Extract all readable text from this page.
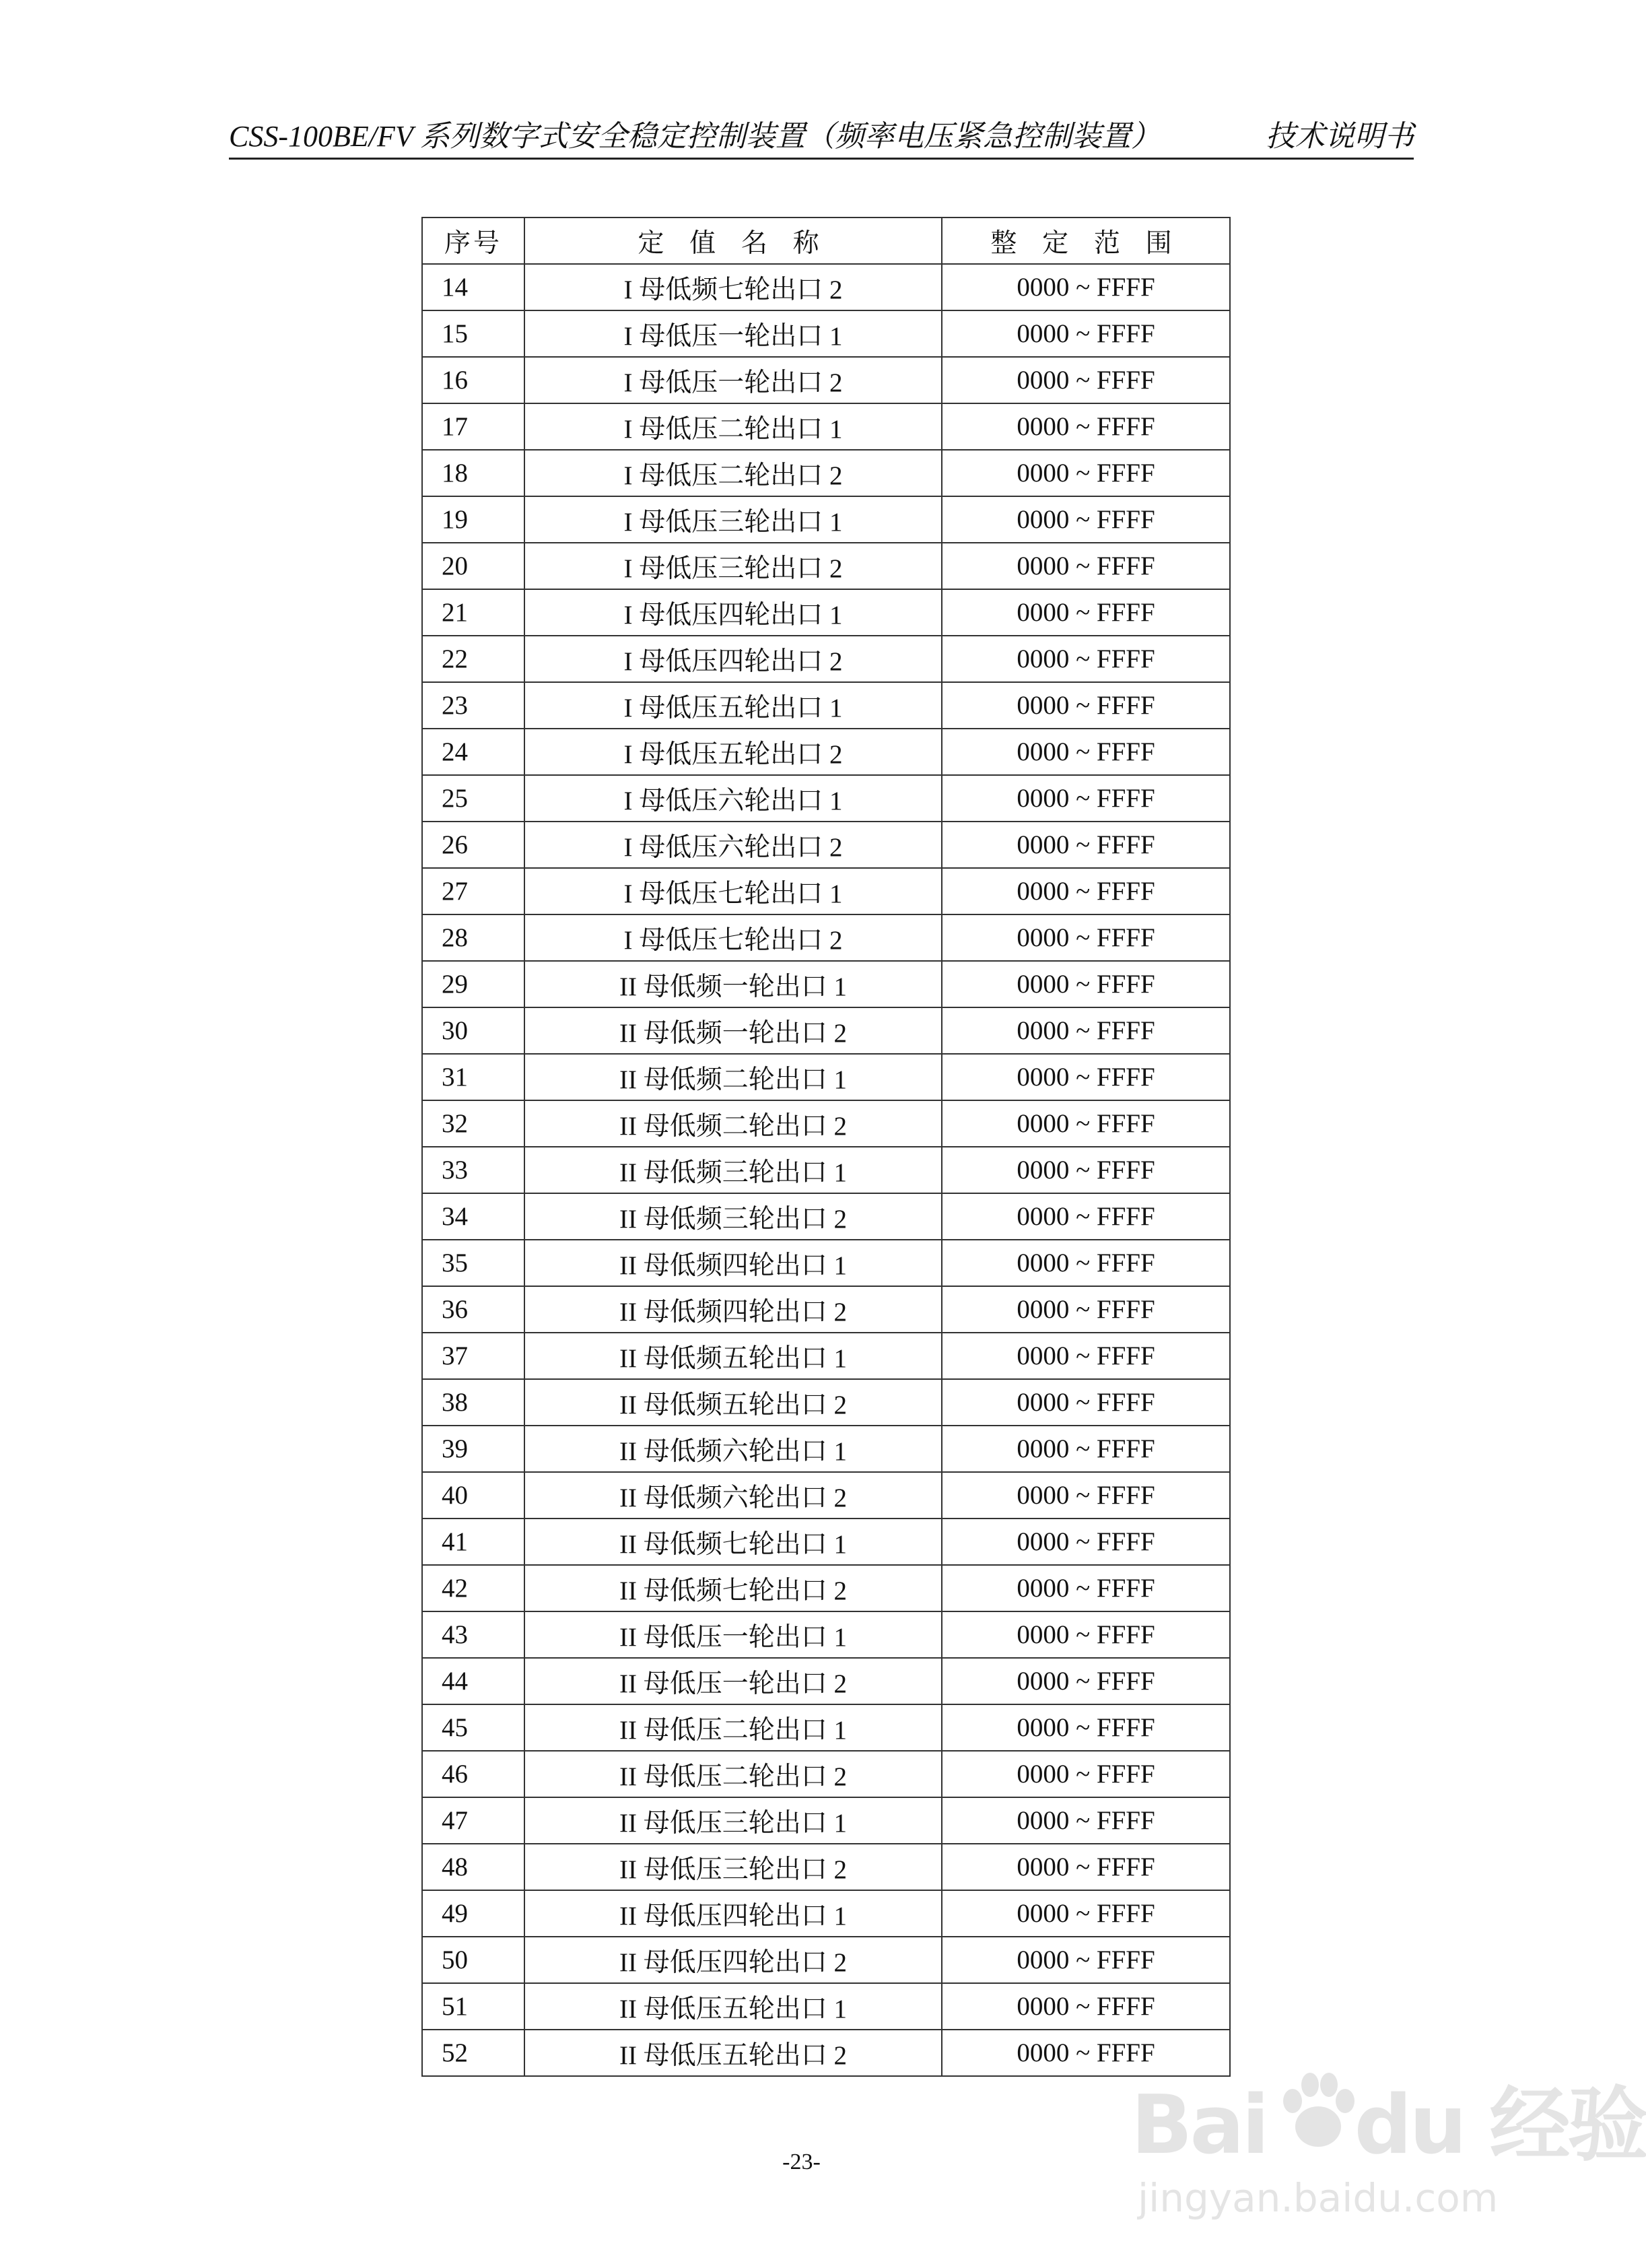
CSS-100BE/FV 系列数字式安全稳定控制装置（频率电压紧急控制装置）	技术说明书
序号	定 值 名 称	整 定 范 围
14	I 母低频七轮出口 2	0000 ~ FFFF
15	I 母低压一轮出口 1	0000 ~ FFFF
16	I 母低压一轮出口 2	0000 ~ FFFF
17	I 母低压二轮出口 1	0000 ~ FFFF
18	I 母低压二轮出口 2	0000 ~ FFFF
19	I 母低压三轮出口 1	0000 ~ FFFF
20	I 母低压三轮出口 2	0000 ~ FFFF
21	I 母低压四轮出口 1	0000 ~ FFFF
22	I 母低压四轮出口 2	0000 ~ FFFF
23	I 母低压五轮出口 1	0000 ~ FFFF
24	I 母低压五轮出口 2	0000 ~ FFFF
25	I 母低压六轮出口 1	0000 ~ FFFF
26	I 母低压六轮出口 2	0000 ~ FFFF
27	I 母低压七轮出口 1	0000 ~ FFFF
28	I 母低压七轮出口 2	0000 ~ FFFF
29	II 母低频一轮出口 1	0000 ~ FFFF
30	II 母低频一轮出口 2	0000 ~ FFFF
31	II 母低频二轮出口 1	0000 ~ FFFF
32	II 母低频二轮出口 2	0000 ~ FFFF
33	II 母低频三轮出口 1	0000 ~ FFFF
34	II 母低频三轮出口 2	0000 ~ FFFF
35	II 母低频四轮出口 1	0000 ~ FFFF
36	II 母低频四轮出口 2	0000 ~ FFFF
37	II 母低频五轮出口 1	0000 ~ FFFF
38	II 母低频五轮出口 2	0000 ~ FFFF
39	II 母低频六轮出口 1	0000 ~ FFFF
40	II 母低频六轮出口 2	0000 ~ FFFF
41	II 母低频七轮出口 1	0000 ~ FFFF
42	II 母低频七轮出口 2	0000 ~ FFFF
43	II 母低压一轮出口 1	0000 ~ FFFF
44	II 母低压一轮出口 2	0000 ~ FFFF
45	II 母低压二轮出口 1	0000 ~ FFFF
46	II 母低压二轮出口 2	0000 ~ FFFF
47	II 母低压三轮出口 1	0000 ~ FFFF
48	II 母低压三轮出口 2	0000 ~ FFFF
49	II 母低压四轮出口 1	0000 ~ FFFF
50	II 母低压四轮出口 2	0000 ~ FFFF
51	II 母低压五轮出口 1	0000 ~ FFFF
52	II 母低压五轮出口 2	0000 ~ FFFF
-23-	Bai du 经验
jingyan.baidu.com
